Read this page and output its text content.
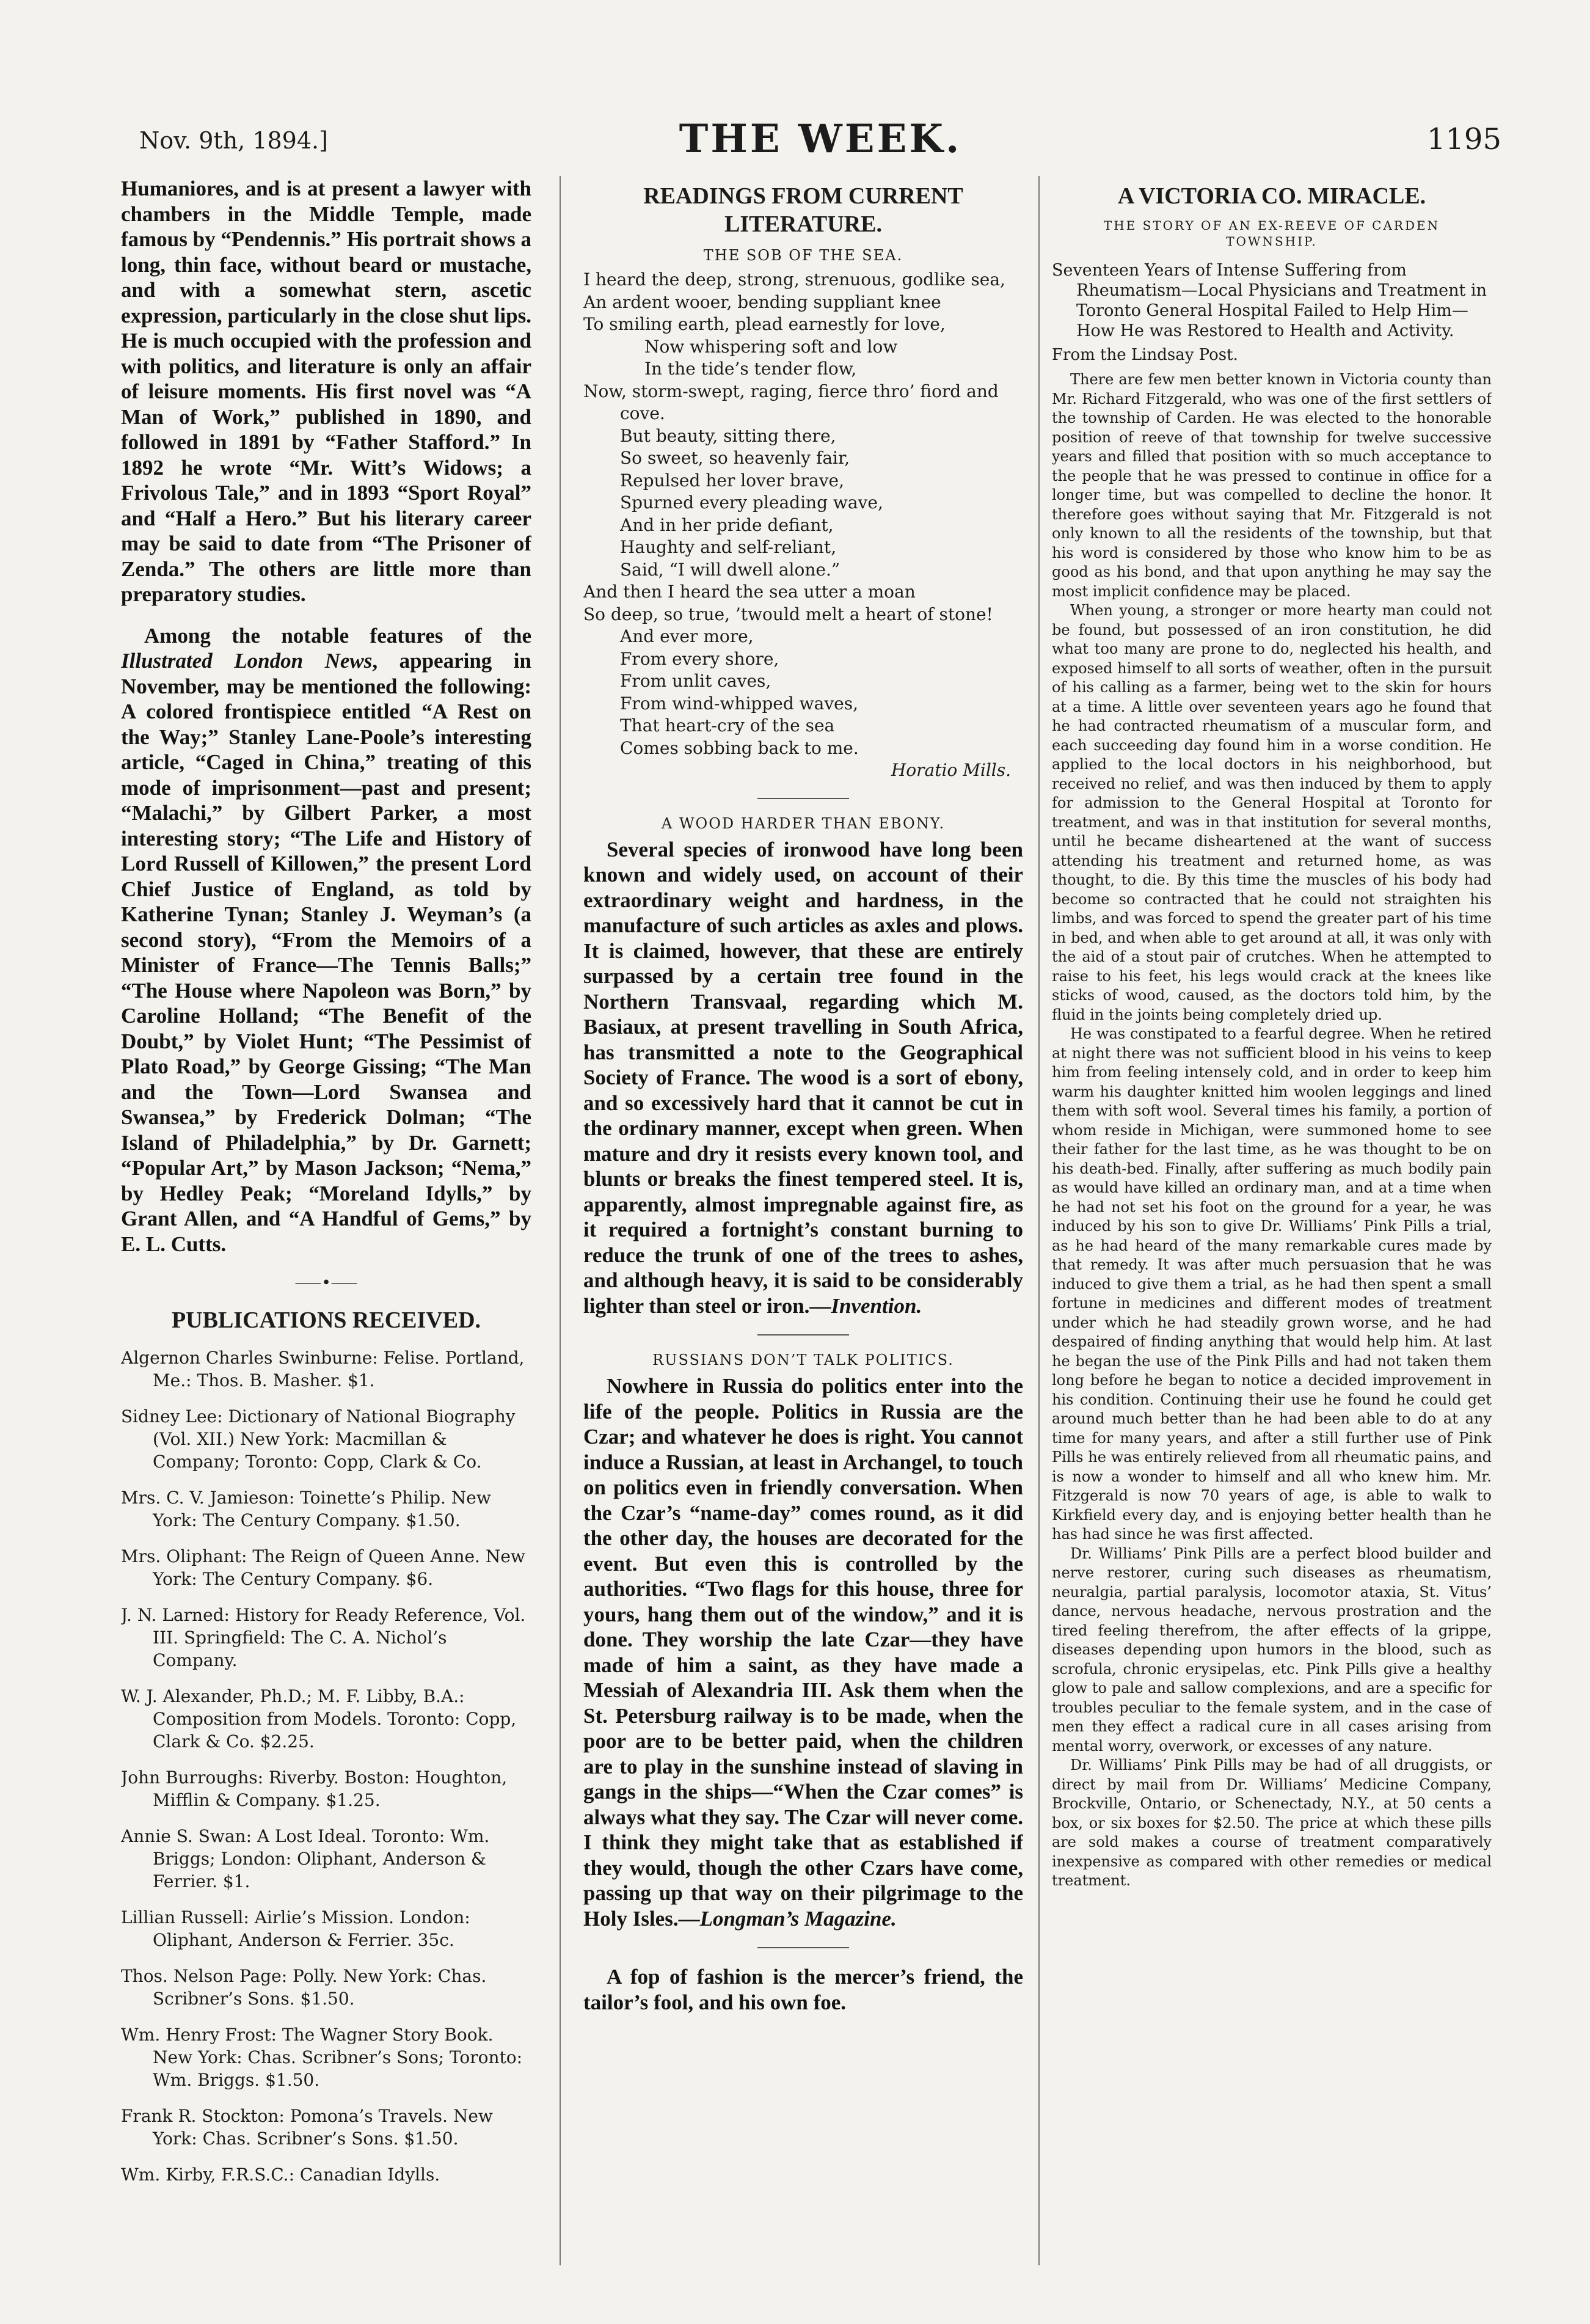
Nov. 9th, 1894.]	THE WEEK.	1195

Humaniores, and is at present a lawyer with chambers in the Middle Temple, made famous by “Pendennis.” His portrait shows a long, thin face, without beard or mustache, and with a somewhat stern, ascetic expression, particularly in the close shut lips. He is much occupied with the profession and with politics, and literature is only an affair of leisure moments. His first novel was “A Man of Work,” published in 1890, and followed in 1891 by “Father Stafford.” In 1892 he wrote “Mr. Witt’s Widows; a Frivolous Tale,” and in 1893 “Sport Royal” and “Half a Hero.” But his literary career may be said to date from “The Prisoner of Zenda.” The others are little more than preparatory studies.

Among the notable features of the Illustrated London News, appearing in November, may be mentioned the following: A colored frontispiece entitled “A Rest on the Way;” Stanley Lane-Poole’s interesting article, “Caged in China,” treating of this mode of imprisonment—past and present; “Malachi,” by Gilbert Parker, a most interesting story; “The Life and History of Lord Russell of Killowen,” the present Lord Chief Justice of England, as told by Katherine Tynan; Stanley J. Weyman’s (a second story), “From the Memoirs of a Minister of France—The Tennis Balls;” “The House where Napoleon was Born,” by Caroline Holland; “The Benefit of the Doubt,” by Violet Hunt; “The Pessimist of Plato Road,” by George Gissing; “The Man and the Town—Lord Swansea and Swansea,” by Frederick Dolman; “The Island of Philadelphia,” by Dr. Garnett; “Popular Art,” by Mason Jackson; “Nema,” by Hedley Peak; “Moreland Idylls,” by Grant Allen, and “A Handful of Gems,” by E. L. Cutts.

⸺•⸺
PUBLICATIONS RECEIVED.
Algernon Charles Swinburne: Felise. Portland, Me.: Thos. B. Masher. $1.
Sidney Lee: Dictionary of National Biography (Vol. XII.) New York: Macmillan & Company; Toronto: Copp, Clark & Co.
Mrs. C. V. Jamieson: Toinette’s Philip. New York: The Century Company. $1.50.
Mrs. Oliphant: The Reign of Queen Anne. New York: The Century Company. $6.
J. N. Larned: History for Ready Reference, Vol. III. Springfield: The C. A. Nichol’s Company.
W. J. Alexander, Ph.D.; M. F. Libby, B.A.: Composition from Models. Toronto: Copp, Clark & Co. $2.25.
John Burroughs: Riverby. Boston: Houghton, Mifflin & Company. $1.25.
Annie S. Swan: A Lost Ideal. Toronto: Wm. Briggs; London: Oliphant, Anderson & Ferrier. $1.
Lillian Russell: Airlie’s Mission. London: Oliphant, Anderson & Ferrier. 35c.
Thos. Nelson Page: Polly. New York: Chas. Scribner’s Sons. $1.50.
Wm. Henry Frost: The Wagner Story Book. New York: Chas. Scribner’s Sons; Toronto: Wm. Briggs. $1.50.
Frank R. Stockton: Pomona’s Travels. New York: Chas. Scribner’s Sons. $1.50.
Wm. Kirby, F.R.S.C.: Canadian Idylls.
READINGS FROM CURRENT LITERATURE.
THE SOB OF THE SEA.
I heard the deep, strong, strenuous, godlike sea,
An ardent wooer, bending suppliant knee
To smiling earth, plead earnestly for love,
Now whispering soft and low
In the tide’s tender flow,
Now, storm-swept, raging, fierce thro’ fiord and cove.
But beauty, sitting there,
So sweet, so heavenly fair,
Repulsed her lover brave,
Spurned every pleading wave,
And in her pride defiant,
Haughty and self-reliant,
Said, “I will dwell alone.”
And then I heard the sea utter a moan
So deep, so true, ’twould melt a heart of stone!
And ever more,
From every shore,
From unlit caves,
From wind-whipped waves,
That heart-cry of the sea
Comes sobbing back to me.
Horatio Mills.
A WOOD HARDER THAN EBONY.

Several species of ironwood have long been known and widely used, on account of their extraordinary weight and hardness, in the manufacture of such articles as axles and plows. It is claimed, however, that these are entirely surpassed by a certain tree found in the Northern Transvaal, regarding which M. Basiaux, at present travelling in South Africa, has transmitted a note to the Geographical Society of France. The wood is a sort of ebony, and so excessively hard that it cannot be cut in the ordinary manner, except when green. When mature and dry it resists every known tool, and blunts or breaks the finest tempered steel. It is, apparently, almost impregnable against fire, as it required a fortnight’s constant burning to reduce the trunk of one of the trees to ashes, and although heavy, it is said to be considerably lighter than steel or iron.—Invention.

RUSSIANS DON’T TALK POLITICS.

Nowhere in Russia do politics enter into the life of the people. Politics in Russia are the Czar; and whatever he does is right. You cannot induce a Russian, at least in Archangel, to touch on politics even in friendly conversation. When the Czar’s “name-day” comes round, as it did the other day, the houses are decorated for the event. But even this is controlled by the authorities. “Two flags for this house, three for yours, hang them out of the window,” and it is done. They worship the late Czar—they have made of him a saint, as they have made a Messiah of Alexandria III. Ask them when the St. Petersburg railway is to be made, when the poor are to be better paid, when the children are to play in the sunshine instead of slaving in gangs in the ships—“When the Czar comes” is always what they say. The Czar will never come. I think they might take that as established if they would, though the other Czars have come, passing up that way on their pilgrimage to the Holy Isles.—Longman’s Magazine.

A fop of fashion is the mercer’s friend, the tailor’s fool, and his own foe.

A VICTORIA CO. MIRACLE.
THE STORY OF AN EX-REEVE OF CARDEN TOWNSHIP.
Seventeen Years of Intense Suffering from Rheumatism—Local Physicians and Treatment in Toronto General Hospital Failed to Help Him—How He was Restored to Health and Activity.
From the Lindsay Post.

There are few men better known in Victoria county than Mr. Richard Fitzgerald, who was one of the first settlers of the township of Carden. He was elected to the honorable position of reeve of that township for twelve successive years and filled that position with so much acceptance to the people that he was pressed to continue in office for a longer time, but was compelled to decline the honor. It therefore goes without saying that Mr. Fitzgerald is not only known to all the residents of the township, but that his word is considered by those who know him to be as good as his bond, and that upon anything he may say the most implicit confidence may be placed.

When young, a stronger or more hearty man could not be found, but possessed of an iron constitution, he did what too many are prone to do, neglected his health, and exposed himself to all sorts of weather, often in the pursuit of his calling as a farmer, being wet to the skin for hours at a time. A little over seventeen years ago he found that he had contracted rheumatism of a muscular form, and each succeeding day found him in a worse condition. He applied to the local doctors in his neighborhood, but received no relief, and was then induced by them to apply for admission to the General Hospital at Toronto for treatment, and was in that institution for several months, until he became disheartened at the want of success attending his treatment and returned home, as was thought, to die. By this time the muscles of his body had become so contracted that he could not straighten his limbs, and was forced to spend the greater part of his time in bed, and when able to get around at all, it was only with the aid of a stout pair of crutches. When he attempted to raise to his feet, his legs would crack at the knees like sticks of wood, caused, as the doctors told him, by the fluid in the joints being completely dried up.

He was constipated to a fearful degree. When he retired at night there was not sufficient blood in his veins to keep him from feeling intensely cold, and in order to keep him warm his daughter knitted him woolen leggings and lined them with soft wool. Several times his family, a portion of whom reside in Michigan, were summoned home to see their father for the last time, as he was thought to be on his death-bed. Finally, after suffering as much bodily pain as would have killed an ordinary man, and at a time when he had not set his foot on the ground for a year, he was induced by his son to give Dr. Williams’ Pink Pills a trial, as he had heard of the many remarkable cures made by that remedy. It was after much persuasion that he was induced to give them a trial, as he had then spent a small fortune in medicines and different modes of treatment under which he had steadily grown worse, and he had despaired of finding anything that would help him. At last he began the use of the Pink Pills and had not taken them long before he began to notice a decided improvement in his condition. Continuing their use he found he could get around much better than he had been able to do at any time for many years, and after a still further use of Pink Pills he was entirely relieved from all rheumatic pains, and is now a wonder to himself and all who knew him. Mr. Fitzgerald is now 70 years of age, is able to walk to Kirkfield every day, and is enjoying better health than he has had since he was first affected.

Dr. Williams’ Pink Pills are a perfect blood builder and nerve restorer, curing such diseases as rheumatism, neuralgia, partial paralysis, locomotor ataxia, St. Vitus’ dance, nervous headache, nervous prostration and the tired feeling therefrom, the after effects of la grippe, diseases depending upon humors in the blood, such as scrofula, chronic erysipelas, etc. Pink Pills give a healthy glow to pale and sallow complexions, and are a specific for troubles peculiar to the female system, and in the case of men they effect a radical cure in all cases arising from mental worry, overwork, or excesses of any nature.

Dr. Williams’ Pink Pills may be had of all druggists, or direct by mail from Dr. Williams’ Medicine Company, Brockville, Ontario, or Schenectady, N.Y., at 50 cents a box, or six boxes for $2.50. The price at which these pills are sold makes a course of treatment comparatively inexpensive as compared with other remedies or medical treatment.
